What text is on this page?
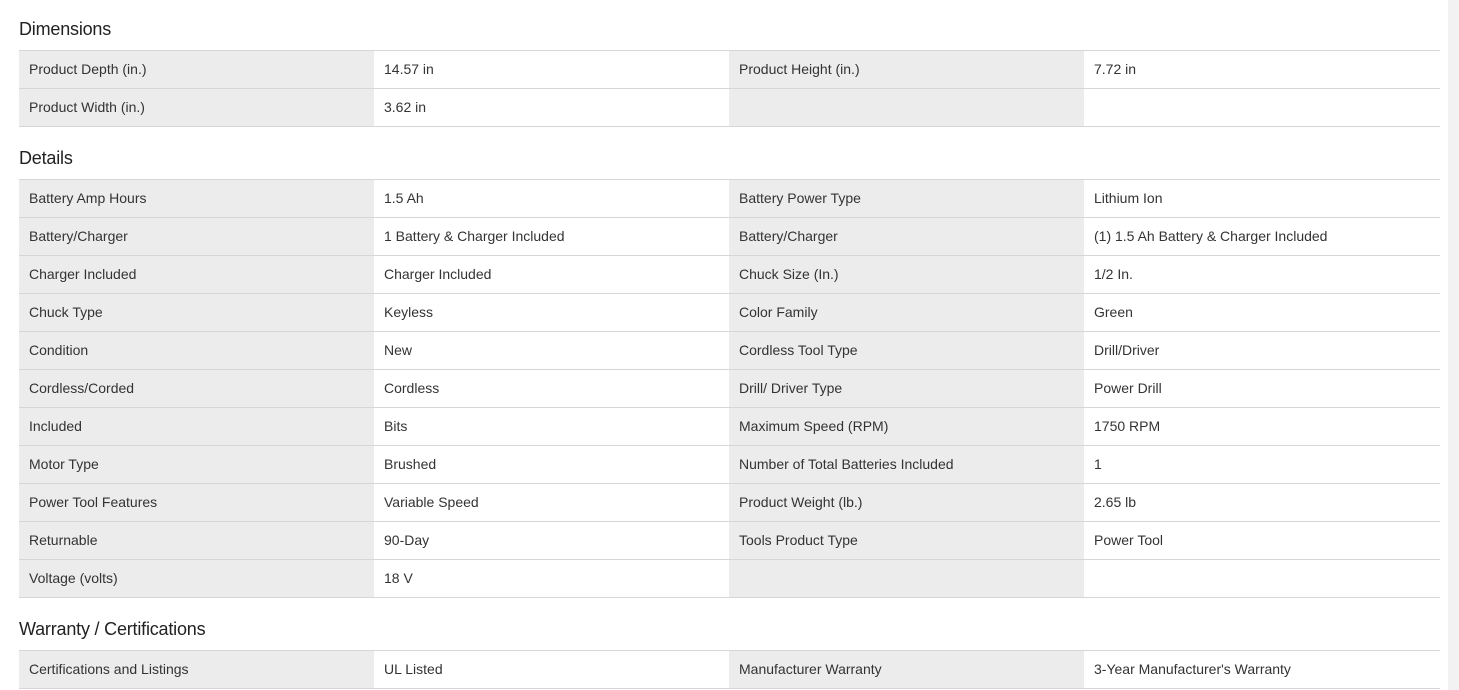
Dimensions
Product Depth (in.)	14.57 in	Product Height (in.)	7.72 in
Product Width (in.)	3.62 in
Details
Battery Amp Hours	1.5 Ah	Battery Power Type	Lithium Ion
Battery/Charger	1 Battery & Charger Included	Battery/Charger	(1) 1.5 Ah Battery & Charger Included
Charger Included	Charger Included	Chuck Size (In.)	1/2 In.
Chuck Type	Keyless	Color Family	Green
Condition	New	Cordless Tool Type	Drill/Driver
Cordless/Corded	Cordless	Drill/ Driver Type	Power Drill
Included	Bits	Maximum Speed (RPM)	1750 RPM
Motor Type	Brushed	Number of Total Batteries Included	1
Power Tool Features	Variable Speed	Product Weight (lb.)	2.65 lb
Returnable	90-Day	Tools Product Type	Power Tool
Voltage (volts)	18 V
Warranty / Certifications
Certifications and Listings	UL Listed	Manufacturer Warranty	3-Year Manufacturer's Warranty
